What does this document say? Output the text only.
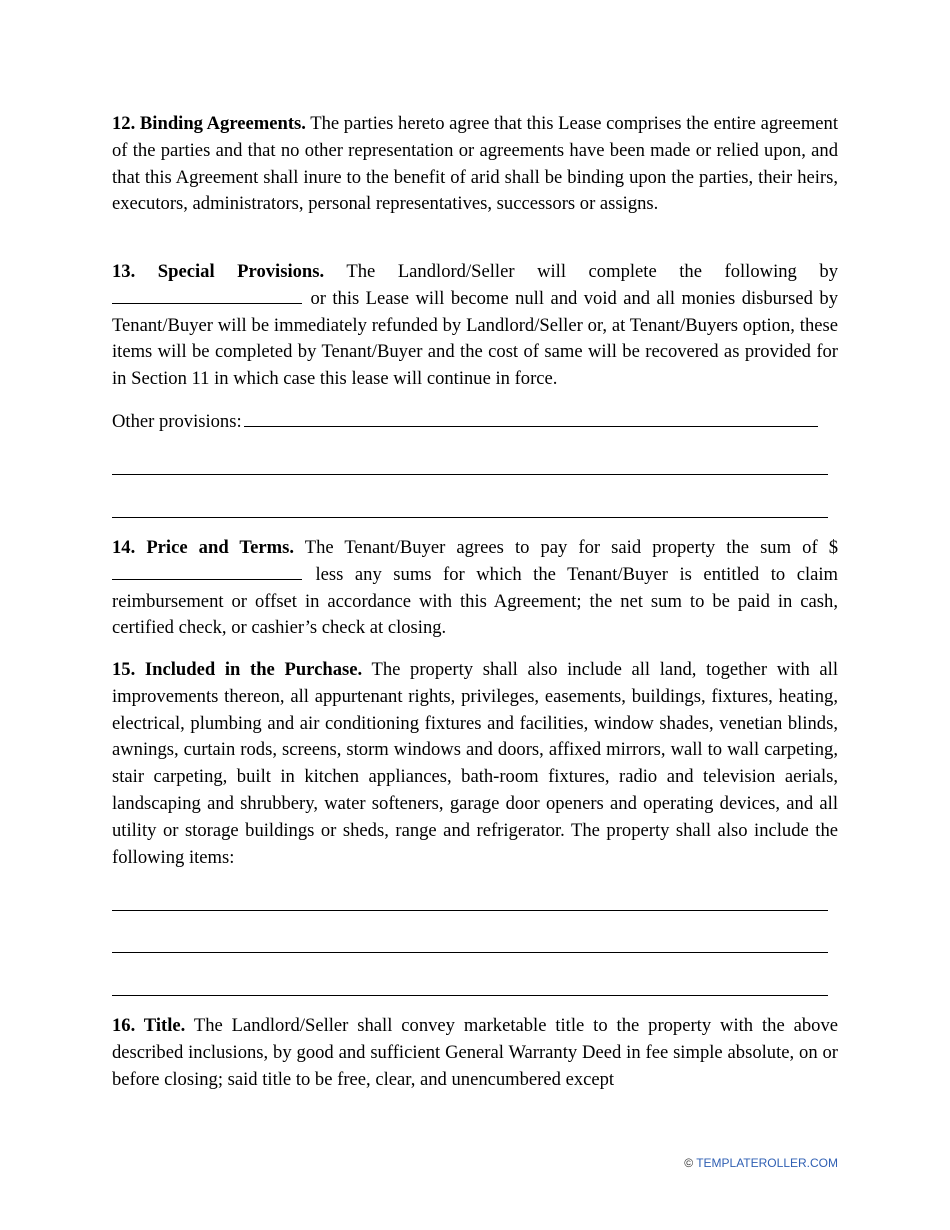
12. Binding Agreements. The parties hereto agree that this Lease comprises the entire agreement of the parties and that no other representation or agreements have been made or relied upon, and that this Agreement shall inure to the benefit of arid shall be binding upon the parties, their heirs, executors, administrators, personal representatives, successors or assigns.

13. Special Provisions. The Landlord/Seller will complete the following by  or this Lease will become null and void and all monies disbursed by Tenant/Buyer will be immediately refunded by Landlord/Seller or, at Tenant/Buyers option, these items will be completed by Tenant/Buyer and the cost of same will be recovered as provided for in Section 11 in which case this lease will continue in force.

Other provisions:

14. Price and Terms. The Tenant/Buyer agrees to pay for said property the sum of $ less any sums for which the Tenant/Buyer is entitled to claim reimbursement or offset in accordance with this Agreement; the net sum to be paid in cash, certified check, or cashier’s check at closing.

15. Included in the Purchase. The property shall also include all land, together with all improvements thereon, all appurtenant rights, privileges, easements, buildings, fixtures, heating, electrical, plumbing and air conditioning fixtures and facilities, window shades, venetian blinds, awnings, curtain rods, screens, storm windows and doors, affixed mirrors, wall to wall carpeting, stair carpeting, built in kitchen appliances, bath-room fixtures, radio and television aerials, landscaping and shrubbery, water softeners, garage door openers and operating devices, and all utility or storage buildings or sheds, range and refrigerator. The property shall also include the following items:

16. Title. The Landlord/Seller shall convey marketable title to the property with the above described inclusions, by good and sufficient General Warranty Deed in fee simple absolute, on or before closing; said title to be free, clear, and unencumbered except

© TEMPLATEROLLER.COM
